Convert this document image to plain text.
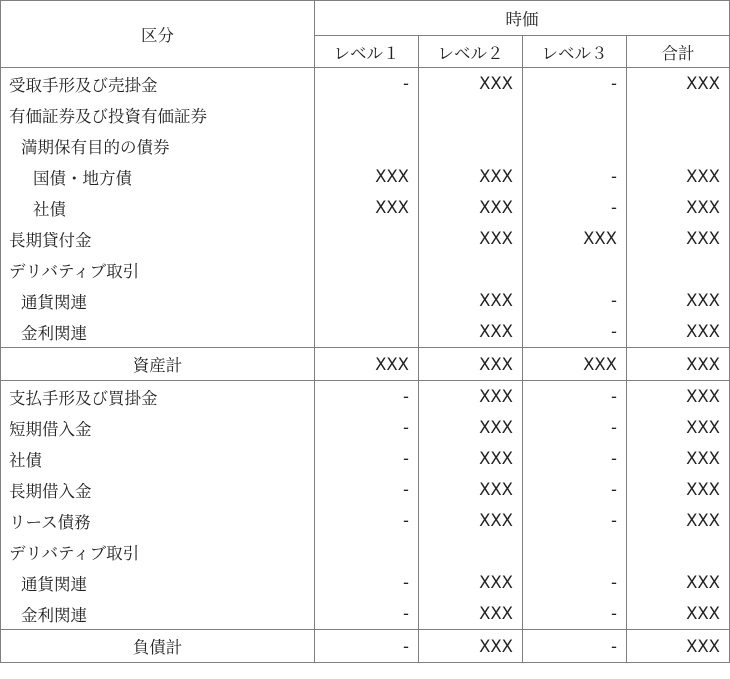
区分	時価			
	レベル１	レベル２	レベル３	合計
受取手形及び売掛金	-	XXX	-	XXX
有価証券及び投資有価証券				
満期保有目的の債券				
国債・地方債	XXX	XXX	-	XXX
社債	XXX	XXX	-	XXX
長期貸付金		XXX	XXX	XXX
デリバティブ取引				
通貨関連		XXX	-	XXX
金利関連		XXX	-	XXX
資産計	XXX	XXX	XXX	XXX
支払手形及び買掛金	-	XXX	-	XXX
短期借入金	-	XXX	-	XXX
社債	-	XXX	-	XXX
長期借入金	-	XXX	-	XXX
リース債務	-	XXX	-	XXX
デリバティブ取引				
通貨関連	-	XXX	-	XXX
金利関連	-	XXX	-	XXX
負債計	-	XXX	-	XXX
